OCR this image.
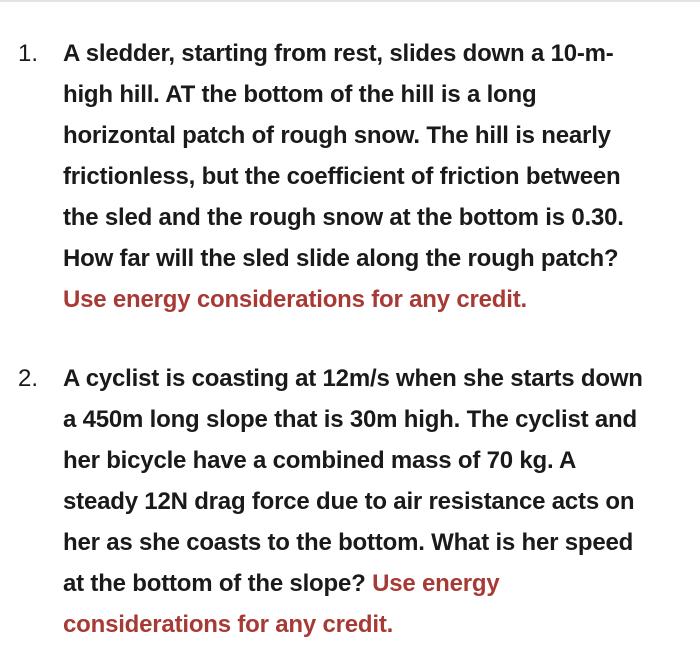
1. A sledder, starting from rest, slides down a 10-m-
high hill. AT the bottom of the hill is a long
horizontal patch of rough snow. The hill is nearly
frictionless, but the coefficient of friction between
the sled and the rough snow at the bottom is 0.30.
How far will the sled slide along the rough patch?
Use energy considerations for any credit.
2. A cyclist is coasting at 12m/s when she starts down
a 450m long slope that is 30m high. The cyclist and
her bicycle have a combined mass of 70 kg. A
steady 12N drag force due to air resistance acts on
her as she coasts to the bottom. What is her speed
at the bottom of the slope? Use energy
considerations for any credit.
